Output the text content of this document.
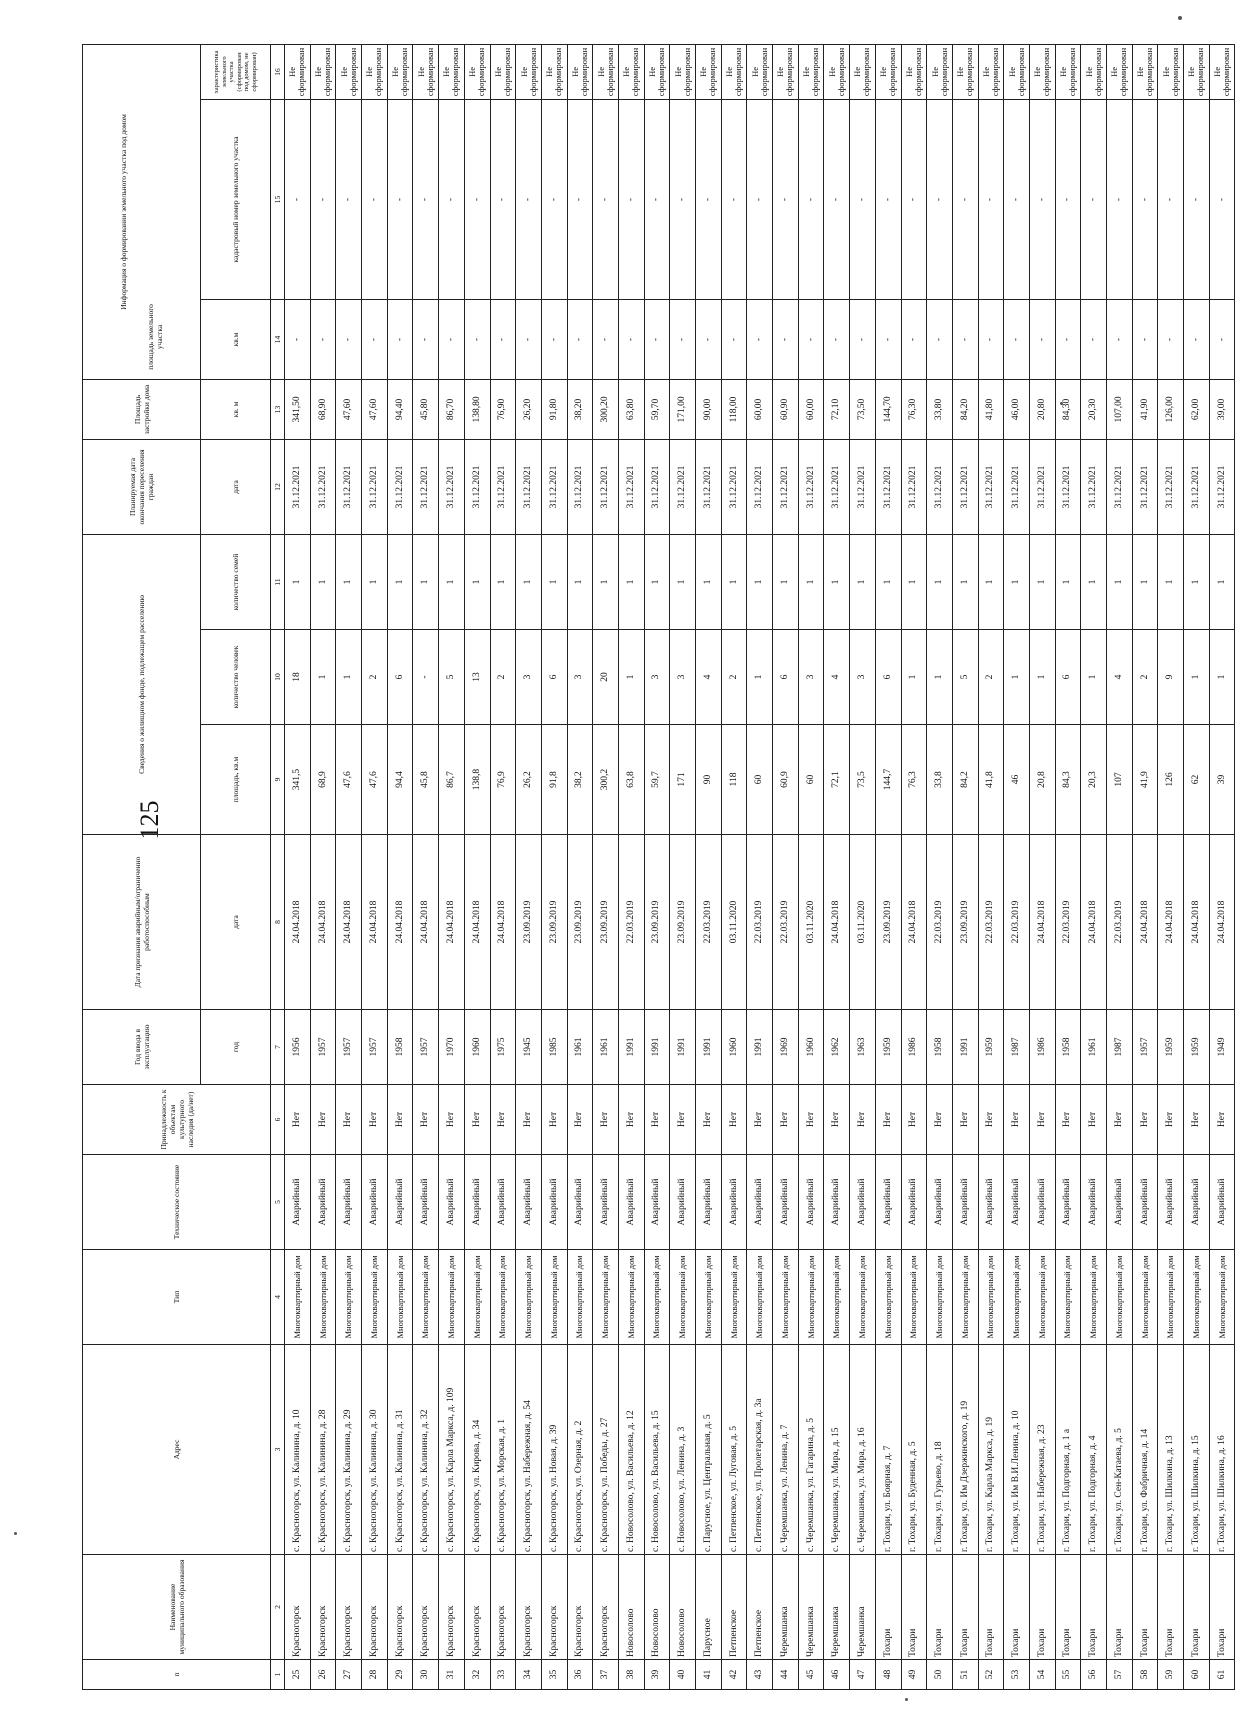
125
п	Наименование муниципального образования	Адрес	Тип	Техническое состояние	Принадлежность к объектам культурного наследия (да/нет)	Год ввода в эксплуатацию	Дата признания аварийным/ограниченно работоспособным	Сведения о жилищном фонде, подлежащем расселению			Планируемая дата окончания переселения граждан	Площадь застройки дома	Информация о формировании земельного участка под домом
площадь земельного участка		

						год	дата	площадь, кв.м	количество человек	количество семей	дата	кв. м	кв.м	кадастровый номер земельного участка	характеристика земельного участка (сформирован под домом, не сформирован)
1	2	3	4	5	6	7	8	9	10	11	12	13	14	15	16
25	Красногорск	с. Красногорск, ул. Калинина, д. 10	Многоквартирный дом	Аварийный	Нет	1956	24.04.2018	341,5	18	1	31.12.2021	341,50	-	-	Не сформирован
26	Красногорск	с. Красногорск, ул. Калинина, д. 28	Многоквартирный дом	Аварийный	Нет	1957	24.04.2018	68,9	1	1	31.12.2021	68,90	-	-	Не сформирован
27	Красногорск	с. Красногорск, ул. Калинина, д. 29	Многоквартирный дом	Аварийный	Нет	1957	24.04.2018	47,6	1	1	31.12.2021	47,60	-	-	Не сформирован
28	Красногорск	с. Красногорск, ул. Калинина, д. 30	Многоквартирный дом	Аварийный	Нет	1957	24.04.2018	47,6	2	1	31.12.2021	47,60	-	-	Не сформирован
29	Красногорск	с. Красногорск, ул. Калинина, д. 31	Многоквартирный дом	Аварийный	Нет	1958	24.04.2018	94,4	6	1	31.12.2021	94,40	-	-	Не сформирован
30	Красногорск	с. Красногорск, ул. Калинина, д. 32	Многоквартирный дом	Аварийный	Нет	1957	24.04.2018	45,8	-	1	31.12.2021	45,80	-	-	Не сформирован
31	Красногорск	с. Красногорск, ул. Карла Маркса, д. 109	Многоквартирный дом	Аварийный	Нет	1970	24.04.2018	86,7	5	1	31.12.2021	86,70	-	-	Не сформирован
32	Красногорск	с. Красногорск, ул. Кирова, д. 34	Многоквартирный дом	Аварийный	Нет	1960	24.04.2018	138,8	13	1	31.12.2021	138,80	-	-	Не сформирован
33	Красногорск	с. Красногорск, ул. Морская, д. 1	Многоквартирный дом	Аварийный	Нет	1975	24.04.2018	76,9	2	1	31.12.2021	76,90	-	-	Не сформирован
34	Красногорск	с. Красногорск, ул. Набережная, д. 54	Многоквартирный дом	Аварийный	Нет	1945	23.09.2019	26,2	3	1	31.12.2021	26,20	-	-	Не сформирован
35	Красногорск	с. Красногорск, ул. Новая, д. 39	Многоквартирный дом	Аварийный	Нет	1985	23.09.2019	91,8	6	1	31.12.2021	91,80	-	-	Не сформирован
36	Красногорск	с. Красногорск, ул. Озерная, д. 2	Многоквартирный дом	Аварийный	Нет	1961	23.09.2019	38,2	3	1	31.12.2021	38,20	-	-	Не сформирован
37	Красногорск	с. Красногорск, ул. Победы, д. 27	Многоквартирный дом	Аварийный	Нет	1961	23.09.2019	300,2	20	1	31.12.2021	300,20	-	-	Не сформирован
38	Новосолово	с. Новосолово, ул. Васильева, д. 12	Многоквартирный дом	Аварийный	Нет	1991	22.03.2019	63,8	1	1	31.12.2021	63,80	-	-	Не сформирован
39	Новосолово	с. Новосолово, ул. Васильева, д. 15	Многоквартирный дом	Аварийный	Нет	1991	23.09.2019	59,7	3	1	31.12.2021	59,70	-	-	Не сформирован
40	Новосолово	с. Новосолово, ул. Ленина, д. 3	Многоквартирный дом	Аварийный	Нет	1991	23.09.2019	171	3	1	31.12.2021	171,00	-	-	Не сформирован
41	Парусное	с. Парусное, ул. Центральная, д. 5	Многоквартирный дом	Аварийный	Нет	1991	22.03.2019	90	4	1	31.12.2021	90,00	-	-	Не сформирован
42	Петпенское	с. Петпенское, ул. Луговая, д. 5	Многоквартирный дом	Аварийный	Нет	1960	03.11.2020	118	2	1	31.12.2021	118,00	-	-	Не сформирован
43	Петпенское	с. Петпенское, ул. Пролетарская, д. 3а	Многоквартирный дом	Аварийный	Нет	1991	22.03.2019	60	1	1	31.12.2021	60,00	-	-	Не сформирован
44	Черемшанка	с. Черемшанка, ул. Ленина, д. 7	Многоквартирный дом	Аварийный	Нет	1969	22.03.2019	60,9	6	1	31.12.2021	60,90	-	-	Не сформирован
45	Черемшанка	с. Черемшанка, ул. Гагарина, д. 5	Многоквартирный дом	Аварийный	Нет	1960	03.11.2020	60	3	1	31.12.2021	60,00	-	-	Не сформирован
46	Черемшанка	с. Черемшанка, ул. Мира, д. 15	Многоквартирный дом	Аварийный	Нет	1962	24.04.2018	72,1	4	1	31.12.2021	72,10	-	-	Не сформирован
47	Черемшанка	с. Черемшанка, ул. Мира, д. 16	Многоквартирный дом	Аварийный	Нет	1963	03.11.2020	73,5	3	1	31.12.2021	73,50	-	-	Не сформирован
48	Тохари	г. Тохари, ул. Боярная, д. 7	Многоквартирный дом	Аварийный	Нет	1959	23.09.2019	144,7	6	1	31.12.2021	144,70	-	-	Не сформирован
49	Тохари	г. Тохари, ул. Буденная, д. 5	Многоквартирный дом	Аварийный	Нет	1986	24.04.2018	76,3	1	1	31.12.2021	76,30	-	-	Не сформирован
50	Тохари	г. Тохари, ул. Гурьево, д. 18	Многоквартирный дом	Аварийный	Нет	1958	22.03.2019	33,8	1	1	31.12.2021	33,80	-	-	Не сформирован
51	Тохари	г. Тохари, ул. Им Дзержинского, д. 19	Многоквартирный дом	Аварийный	Нет	1991	23.09.2019	84,2	5	1	31.12.2021	84,20	-	-	Не сформирован
52	Тохари	г. Тохари, ул. Карла Маркса, д. 19	Многоквартирный дом	Аварийный	Нет	1959	22.03.2019	41,8	2	1	31.12.2021	41,80	-	-	Не сформирован
53	Тохари	г. Тохари, ул. Им В.И.Ленина, д. 10	Многоквартирный дом	Аварийный	Нет	1987	22.03.2019	46	1	1	31.12.2021	46,00	-	-	Не сформирован
54	Тохари	г. Тохари, ул. Набережная, д. 23	Многоквартирный дом	Аварийный	Нет	1986	24.04.2018	20,8	1	1	31.12.2021	20,80	-	-	Не сформирован
55	Тохари	г. Тохари, ул. Подгорная, д. 1 а	Многоквартирный дом	Аварийный	Нет	1958	22.03.2019	84,3	6	1	31.12.2021	84,30	-	-	Не сформирован
56	Тохари	г. Тохари, ул. Подгорная, д. 4	Многоквартирный дом	Аварийный	Нет	1961	24.04.2018	20,3	1	1	31.12.2021	20,30	-	-	Не сформирован
57	Тохари	г. Тохари, ул. Сен-Катаева, д. 5	Многоквартирный дом	Аварийный	Нет	1987	22.03.2019	107	4	1	31.12.2021	107,00	-	-	Не сформирован
58	Тохари	г. Тохари, ул. Фабричная, д. 14	Многоквартирный дом	Аварийный	Нет	1957	24.04.2018	41,9	2	1	31.12.2021	41,90	-	-	Не сформирован
59	Тохари	г. Тохари, ул. Шилкина, д. 13	Многоквартирный дом	Аварийный	Нет	1959	24.04.2018	126	9	1	31.12.2021	126,00	-	-	Не сформирован
60	Тохари	г. Тохари, ул. Шилкина, д. 15	Многоквартирный дом	Аварийный	Нет	1959	24.04.2018	62	1	1	31.12.2021	62,00	-	-	Не сформирован
61	Тохари	г. Тохари, ул. Шилкина, д. 16	Многоквартирный дом	Аварийный	Нет	1949	24.04.2018	39	1	1	31.12.2021	39,00	-	-	Не сформирован
